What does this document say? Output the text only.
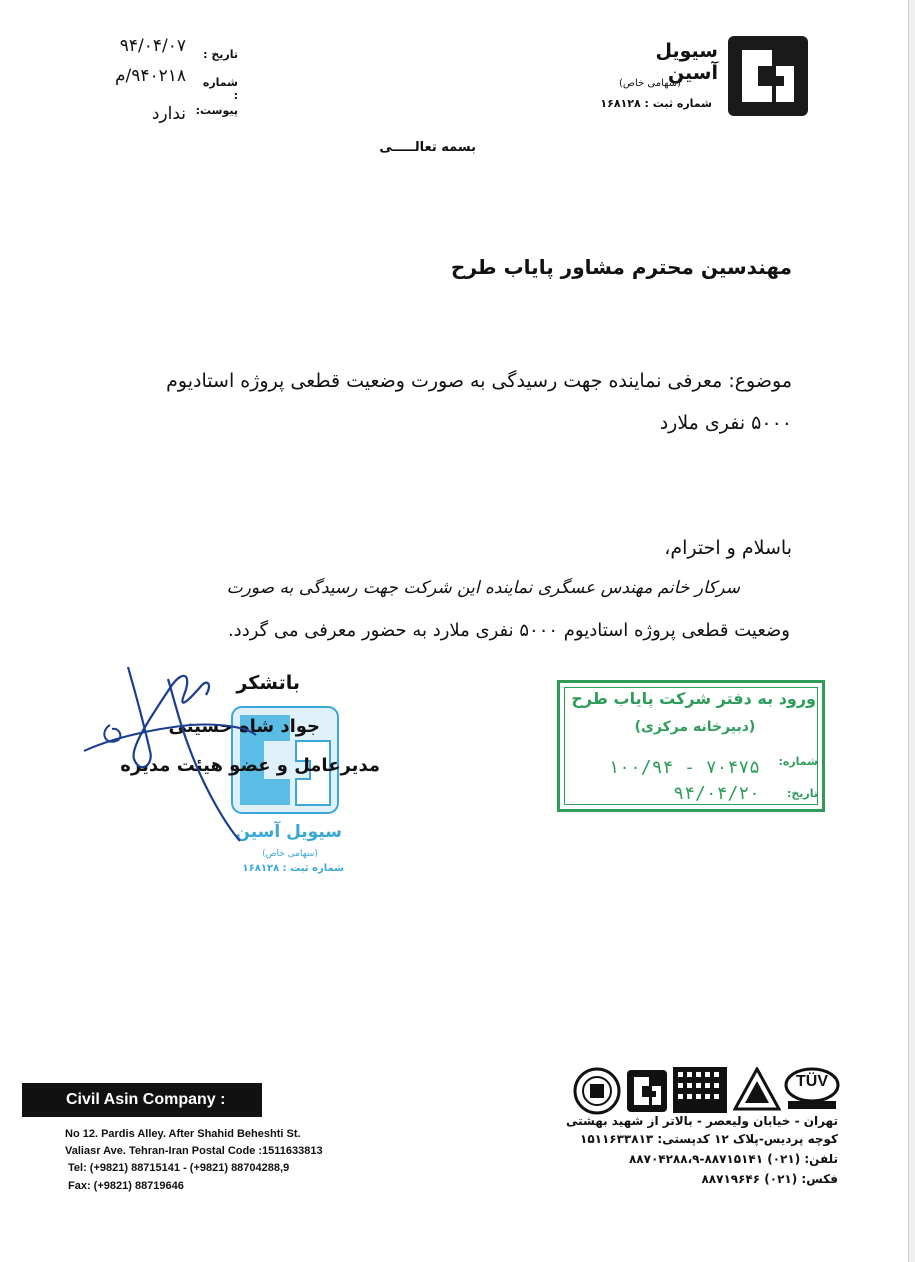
سیویل آسین
(سهامی خاص)
شماره ثبت : ۱۶۸۱۲۸
تاریخ :
۹۴/۰۴/۰۷
شماره :
۹۴۰۲۱۸/م
پیوست:
ندارد
بسمه تعالـــــی
مهندسین محترم مشاور پایاب طرح
موضوع: معرفی نماینده جهت رسیدگی به صورت وضعیت قطعی پروژه استادیوم
۵۰۰۰ نفری ملارد
باسلام و احترام،
سرکار خانم مهندس عسگری نماینده این شرکت جهت رسیدگی به صورت
وضعیت قطعی پروژه استادیوم ۵۰۰۰ نفری ملارد به حضور معرفی می گردد.
سیویل آسین
(سهامی خاص)
شماره ثبت : ۱۶۸۱۲۸
باتشکر
جواد شاه حسینی
مدیرعامل و عضو هیئت مدیره
ورود به دفتر شرکت پایاب طرح
(دبیرخانه مرکزی)
شماره:
۱۰۰/۹۴ - ۷۰۴۷۵
تاریخ:
۹۴/۰۴/۲۰
Civil Asin Company :
No 12. Pardis Alley. After Shahid Beheshti St.
Valiasr Ave. Tehran-Iran Postal Code :1511633813
Tel: (+9821) 88715141 - (+9821) 88704288,9
Fax: (+9821) 88719646
TÜV
تهران - خیابان ولیعصر - بالاتر از شهید بهشتی
کوچه پردیس-پلاک ۱۲ کدپستی: ۱۵۱۱۶۳۳۸۱۳
تلفن: (۰۲۱) ۸۸۷۱۵۱۴۱-۸۸۷۰۴۲۸۸،۹
فکس: (۰۲۱) ۸۸۷۱۹۶۴۶
